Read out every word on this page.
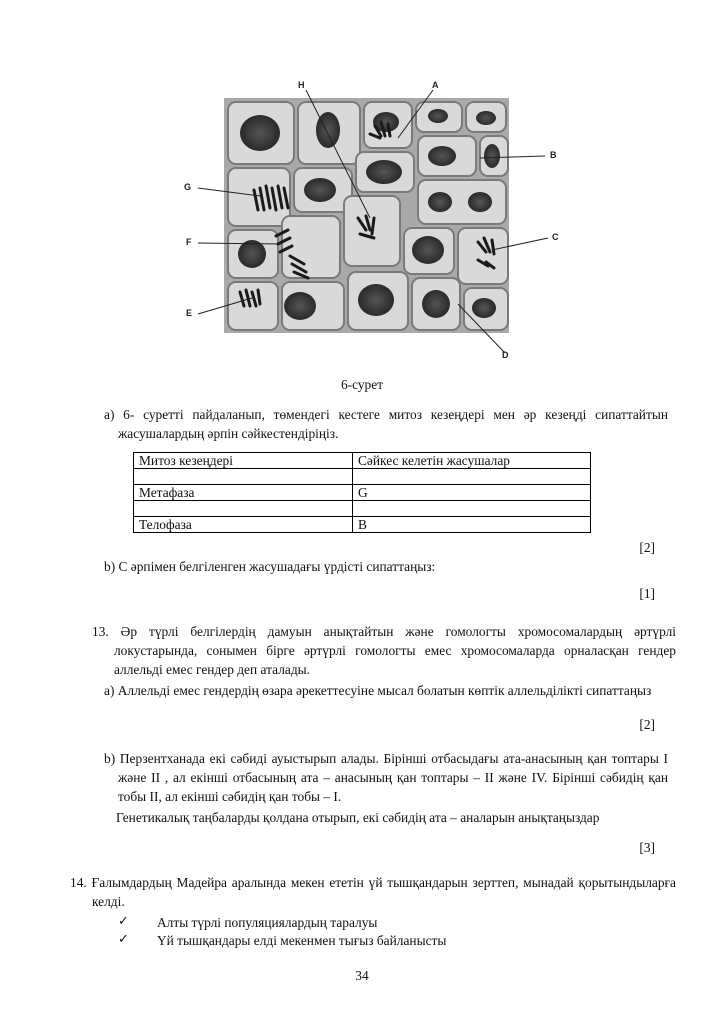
H	A
B
G
C
F
E
D
6-сурет
a) 6- суретті пайдаланып, төмендегі кестеге митоз кезеңдері мен әр кезеңді сипаттайтын жасушалардың әрпін сәйкестендіріңіз.
Митоз кезеңдері	Сәйкес келетін жасушалар

Метафаза	G

Телофаза	B
[2]
b) C әрпімен белгіленген жасушадағы үрдісті сипаттаңыз:
[1]
13. Әр түрлі белгілердің дамуын анықтайтын және гомологты хромосомалардың әртүрлі локустарында, сонымен бірге әртүрлі гомологты емес хромосомаларда орналасқан гендер аллельді емес гендер деп аталады.
a) Аллельді емес гендердің өзара әрекеттесуіне мысал болатын көптік аллельділікті сипаттаңыз
[2]
b) Перзентханада екі сәбиді ауыстырып алады. Бірінші отбасыдағы ата-анасының қан топтары I және II , ал екінші отбасының ата – анасының қан топтары – II және IV. Бірінші сәбидің қан тобы II, ал екінші сәбидің қан тобы – I.
Генетикалық таңбаларды қолдана отырып, екі сәбидің ата – аналарын анықтаңыздар
[3]
14. Ғалымдардың Мадейра аралында мекен ететін үй тышқандарын зерттеп, мынадай қорытындыларға келді.
✓ Алты түрлі популяциялардың таралуы
✓ Үй тышқандары елді мекенмен тығыз байланысты
34
